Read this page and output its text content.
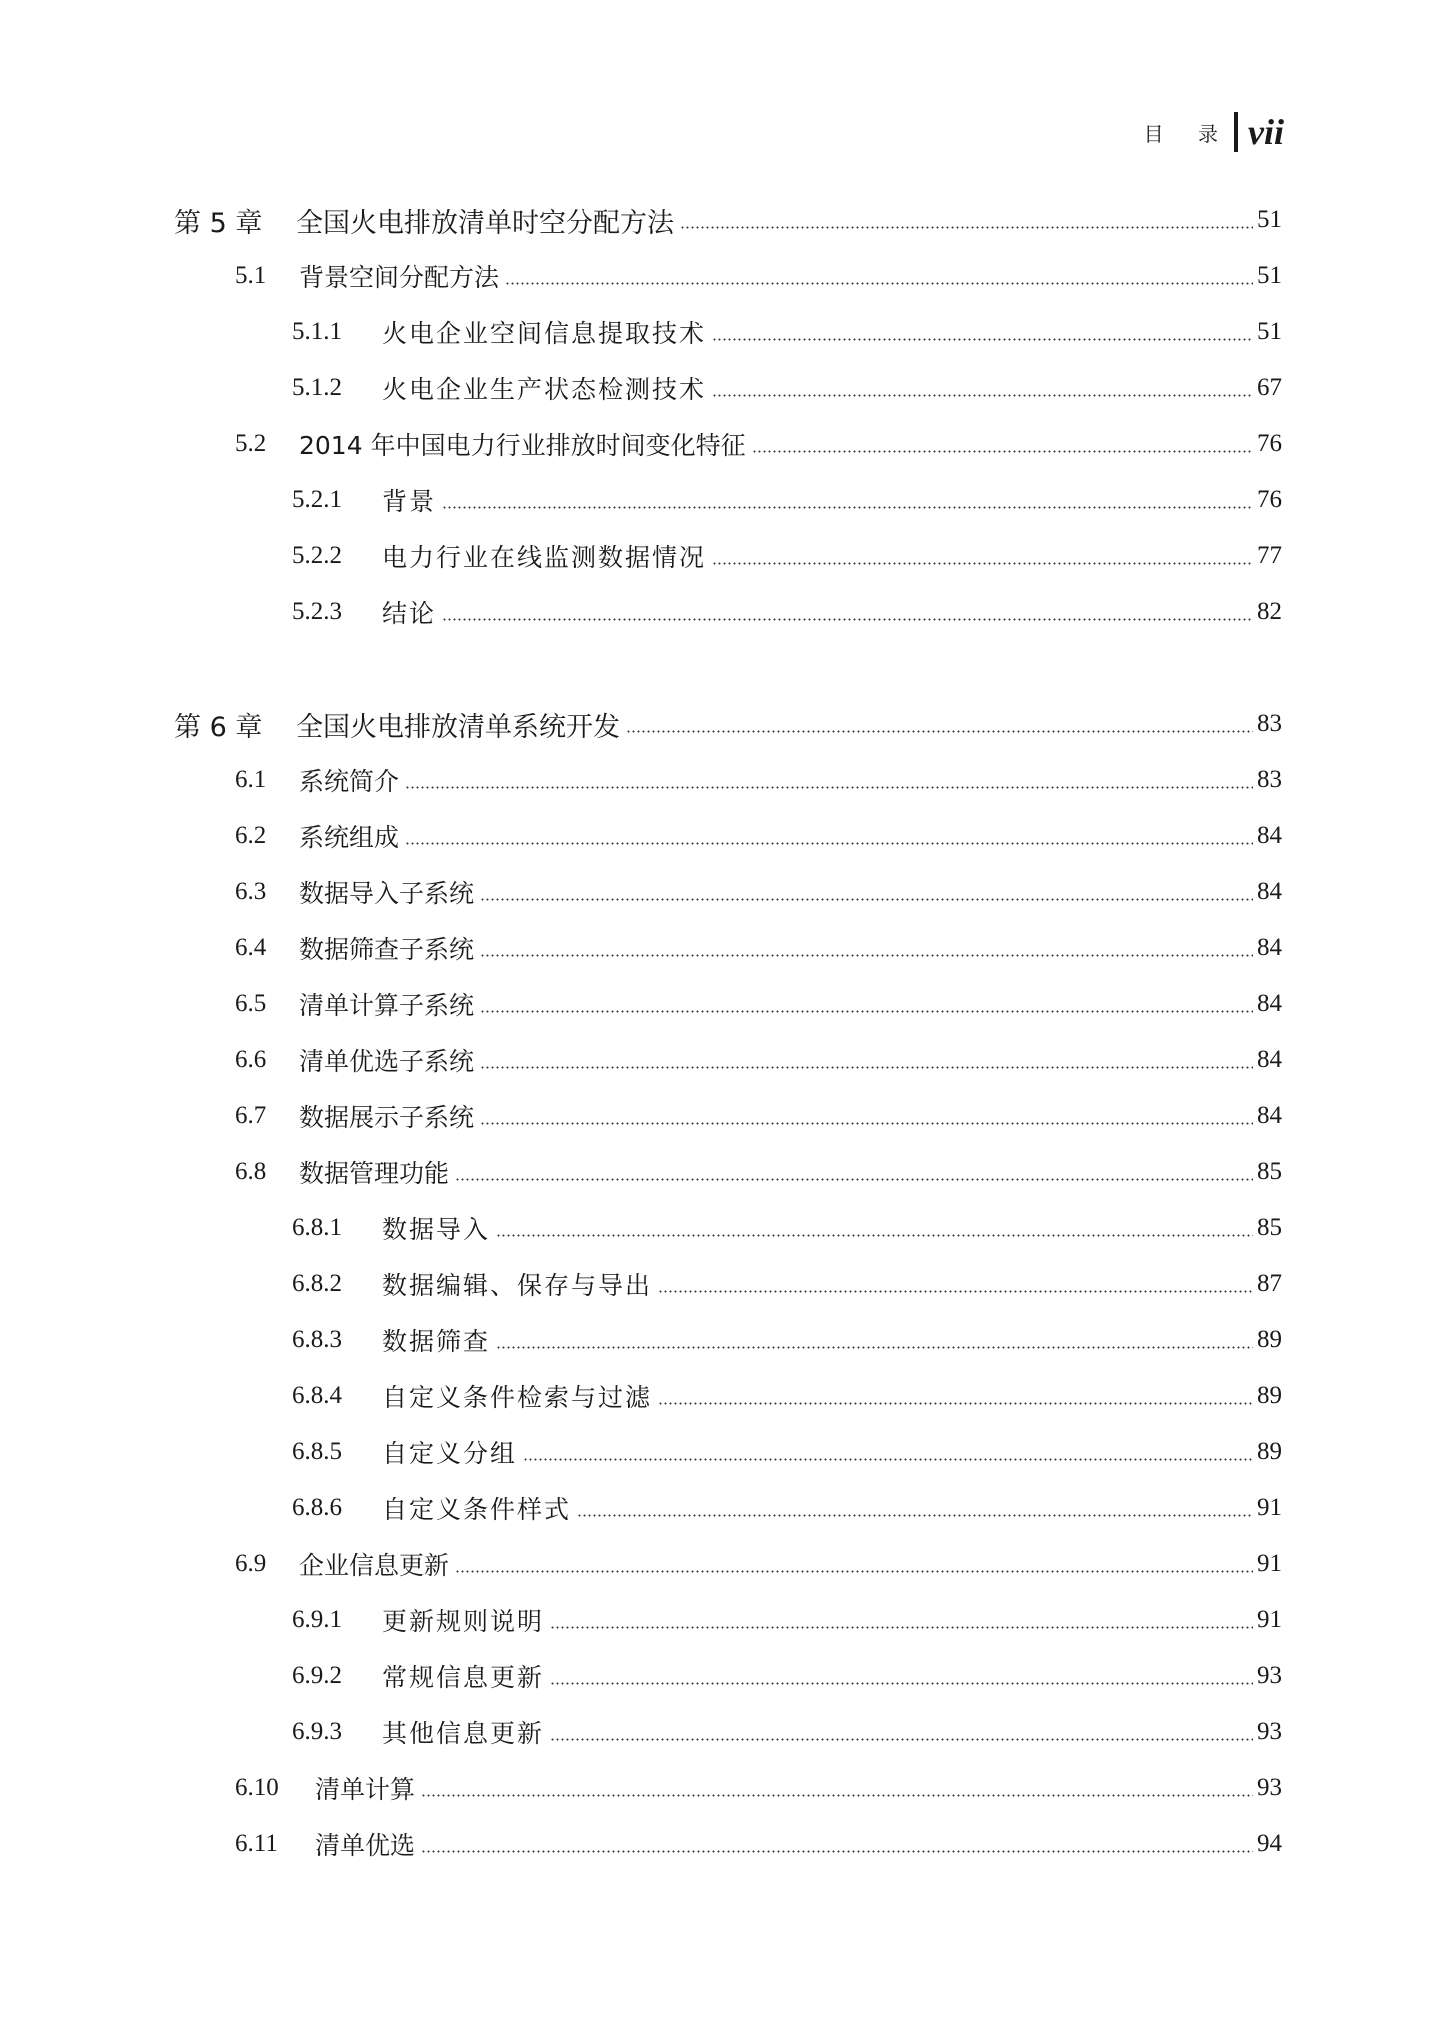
目 录 vii
第 5 章	全国火电排放清单时空分配方法	51
5.1	背景空间分配方法	51
5.1.1	火电企业空间信息提取技术	51
5.1.2	火电企业生产状态检测技术	67
5.2	2014 年中国电力行业排放时间变化特征	76
5.2.1	背景	76
5.2.2	电力行业在线监测数据情况	77
5.2.3	结论	82
第 6 章	全国火电排放清单系统开发	83
6.1	系统简介	83
6.2	系统组成	84
6.3	数据导入子系统	84
6.4	数据筛查子系统	84
6.5	清单计算子系统	84
6.6	清单优选子系统	84
6.7	数据展示子系统	84
6.8	数据管理功能	85
6.8.1	数据导入	85
6.8.2	数据编辑、保存与导出	87
6.8.3	数据筛查	89
6.8.4	自定义条件检索与过滤	89
6.8.5	自定义分组	89
6.8.6	自定义条件样式	91
6.9	企业信息更新	91
6.9.1	更新规则说明	91
6.9.2	常规信息更新	93
6.9.3	其他信息更新	93
6.10	清单计算	93
6.11	清单优选	94
